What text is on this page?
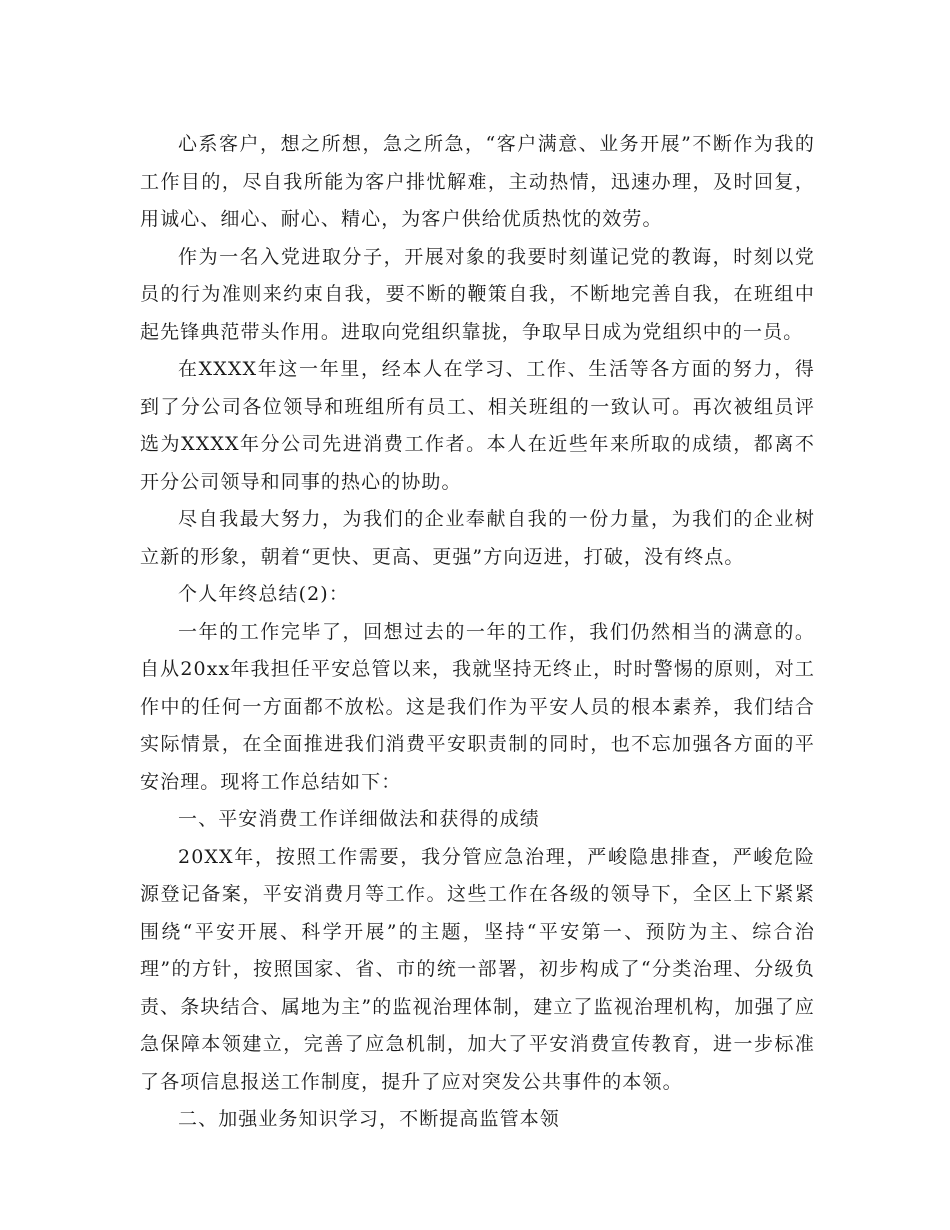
心系客户，想之所想，急之所急，“客户满意、业务开展”不断作为我的工作目的，尽自我所能为客户排忧解难，主动热情，迅速办理，及时回复，用诚心、细心、耐心、精心，为客户供给优质热忱的效劳。

作为一名入党进取分子，开展对象的我要时刻谨记党的教诲，时刻以党员的行为准则来约束自我，要不断的鞭策自我，不断地完善自我，在班组中起先锋典范带头作用。进取向党组织靠拢，争取早日成为党组织中的一员。

在XXXX年这一年里，经本人在学习、工作、生活等各方面的努力，得到了分公司各位领导和班组所有员工、相关班组的一致认可。再次被组员评选为XXXX年分公司先进消费工作者。本人在近些年来所取的成绩，都离不开分公司领导和同事的热心的协助。

尽自我最大努力，为我们的企业奉献自我的一份力量，为我们的企业树立新的形象，朝着“更快、更高、更强”方向迈进，打破，没有终点。

个人年终总结(2)：

一年的工作完毕了，回想过去的一年的工作，我们仍然相当的满意的。自从20xx年我担任平安总管以来，我就坚持无终止，时时警惕的原则，对工作中的任何一方面都不放松。这是我们作为平安人员的根本素养，我们结合实际情景，在全面推进我们消费平安职责制的同时，也不忘加强各方面的平安治理。现将工作总结如下：

一、平安消费工作详细做法和获得的成绩

20XX年，按照工作需要，我分管应急治理，严峻隐患排查，严峻危险源登记备案，平安消费月等工作。这些工作在各级的领导下，全区上下紧紧围绕“平安开展、科学开展”的主题，坚持“平安第一、预防为主、综合治理”的方针，按照国家、省、市的统一部署，初步构成了“分类治理、分级负责、条块结合、属地为主”的监视治理体制，建立了监视治理机构，加强了应急保障本领建立，完善了应急机制，加大了平安消费宣传教育，进一步标准了各项信息报送工作制度，提升了应对突发公共事件的本领。

二、加强业务知识学习，不断提高监管本领
